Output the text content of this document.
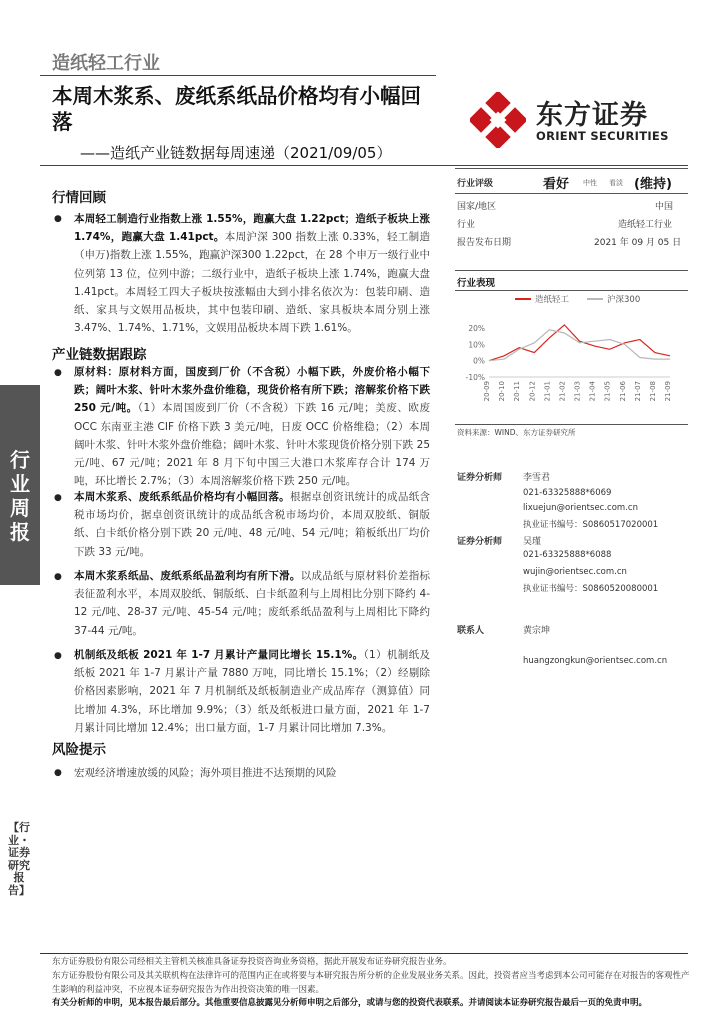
行业周报
【行业・证券研究报告】
造纸轻工行业
本周木浆系、废纸系纸品价格均有小幅回落
——造纸产业链数据每周速递（2021/09/05）
东方证券
ORIENT SECURITIES
行情回顾
● 本周轻工制造行业指数上涨 1.55%，跑赢大盘 1.22pct；造纸子板块上涨 1.74%，跑赢大盘 1.41pct。本周沪深 300 指数上涨 0.33%，轻工制造（申万)指数上涨 1.55%，跑赢沪深300 1.22pct，在 28 个申万一级行业中位列第 13 位，位列中游；二级行业中，造纸子板块上涨 1.74%，跑赢大盘 1.41pct。本周轻工四大子板块按涨幅由大到小排名依次为：包装印刷、造纸、家具与文娱用品板块，其中包装印刷、造纸、家具板块本周分别上涨 3.47%、1.74%、1.71%，文娱用品板块本周下跌 1.61%。
产业链数据跟踪
● 原材料：原材料方面，国废到厂价（不含税）小幅下跌，外废价格小幅下跌；阔叶木浆、针叶木浆外盘价维稳，现货价格有所下跌；溶解浆价格下跌 250 元/吨。（1）本周国废到厂价（不含税）下跌 16 元/吨；美废、欧废 OCC 东南亚主港 CIF 价格下跌 3 美元/吨，日废 OCC 价格维稳；（2）本周阔叶木浆、针叶木浆外盘价维稳；阔叶木浆、针叶木浆现货价格分别下跌 25 元/吨、67 元/吨；2021 年 8 月下旬中国三大港口木浆库存合计 174 万吨，环比增长 2.7%；（3）本周溶解浆价格下跌 250 元/吨。
● 本周木浆系、废纸系纸品价格均有小幅回落。根据卓创资讯统计的成品纸含税市场均价，据卓创资讯统计的成品纸含税市场均价，本周双胶纸、铜版纸、白卡纸价格分别下跌 20 元/吨、48 元/吨、54 元/吨；箱板纸出厂均价下跌 33 元/吨。
● 本周木浆系纸品、废纸系纸品盈利均有所下滑。以成品纸与原材料价差指标表征盈利水平，本周双胶纸、铜版纸、白卡纸盈利与上周相比分别下降约 4-12 元/吨、28-37 元/吨、45-54 元/吨；废纸系纸品盈利与上周相比下降约 37-44 元/吨。
● 机制纸及纸板 2021 年 1-7 月累计产量同比增长 15.1%。（1）机制纸及纸板 2021 年 1-7 月累计产量 7880 万吨，同比增长 15.1%；（2）经剔除价格因素影响，2021 年 7 月机制纸及纸板制造业产成品库存（测算值）同比增加 4.3%，环比增加 9.9%；（3）纸及纸板进口量方面，2021 年 1-7 月累计同比增加 12.4%；出口量方面，1-7 月累计同比增加 7.3%。
风险提示
● 宏观经济增速放缓的风险；海外项目推进不达预期的风险
行业评级	看好 中性 看淡 (维持)
国家/地区	中国
行业	造纸轻工行业
报告发布日期	2021 年 09 月 05 日
行业表现
造纸轻工	沪深300
20%
10%
0%
-10%
20-09 20-10 20-11 20-12 21-01 21-02 21-03 21-04 21-05 21-06 21-07 21-08 21-09
资料来源：WIND、东方证券研究所
证券分析师 李雪君
021-63325888*6069
lixuejun@orientsec.com.cn
执业证书编号：S0860517020001
证券分析师 吴瑾
021-63325888*6088
wujin@orientsec.com.cn
执业证书编号：S0860520080001
联系人	黄宗坤
huangzongkun@orientsec.com.cn
东方证券股份有限公司经相关主管机关核准具备证券投资咨询业务资格，据此开展发布证券研究报告业务。
东方证券股份有限公司及其关联机构在法律许可的范围内正在或将要与本研究报告所分析的企业发展业务关系。因此，投资者应当考虑到本公司可能存在对报告的客观性产生影响的利益冲突，不应视本证券研究报告为作出投资决策的唯一因素。
有关分析师的申明，见本报告最后部分。其他重要信息披露见分析师申明之后部分，或请与您的投资代表联系。并请阅读本证券研究报告最后一页的免责申明。
